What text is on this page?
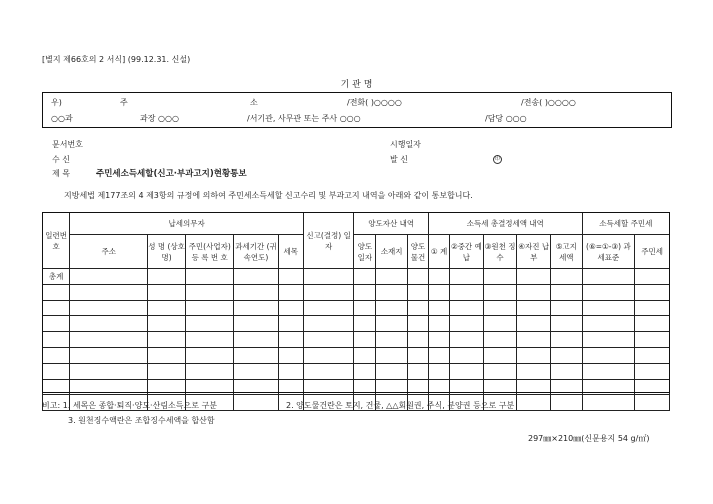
[별지 제66호의 2 서식] (99.12.31. 신설)
기 관 명
우)	주	소	/전화( )○○○○	/전송( )○○○○
○○과	과장 ○○○	/서기관, 사무관 또는 주사 ○○○	/담당 ○○○
문서번호
수 신
제 목	주민세소득세할(신고·부과고지)현황통보
시행일자
발 신	印
지방세법 제177조의 4 제3항의 규정에 의하여 주민세소득세할 신고수리 및 부과고지 내역을 아래와 같이 통보합니다.
일련번호	납세의무자					신고(결정) 일 자	양도자산 내역			소득세 총결정세액 내역					소득세할 주민세	
	주소	성 명 (상호명)	주민(사업자) 등 록 번 호	과세기간 (귀속연도)	세목		양도 일자	소재지	양도 물건	① 계	②중간 예납	③원천 징수	④자진 납부	⑤고지 세액	(⑥=①-③) 과세표준	주민세
총계																

비고: 1. 세목은 종합·퇴직·양도·산림소득으로 구분	2. 양도물건란은 토지, 건물, △△회원권, 주식, 분양권 등으로 구분
3. 원천징수액란은 조합징수세액을 합산함
297㎜×210㎜(신문용지 54 g/㎡)
